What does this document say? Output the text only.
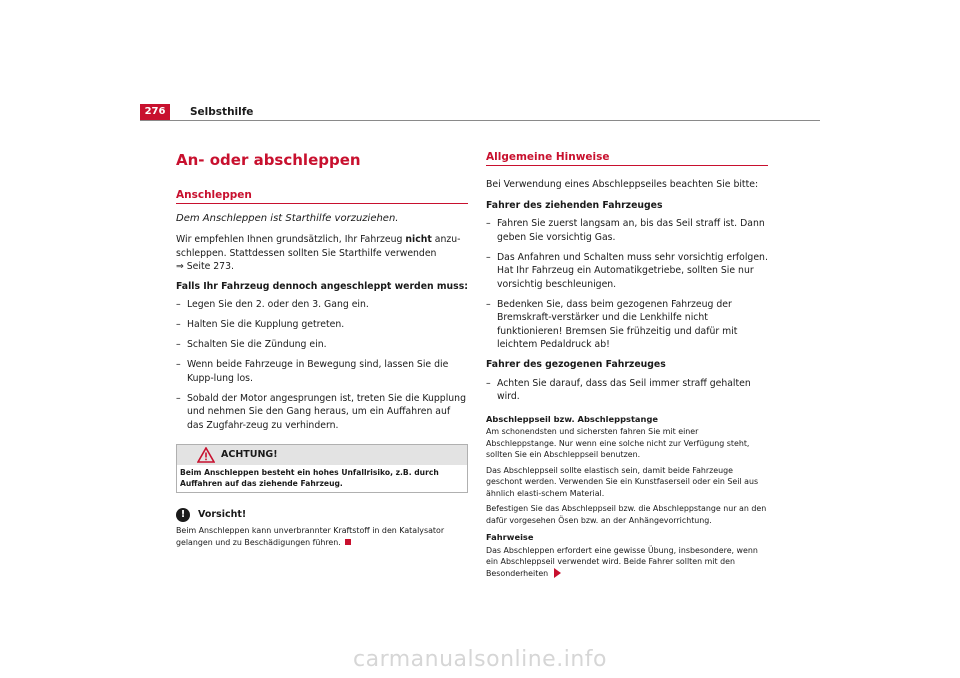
276	Selbsthilfe
An- oder abschleppen
Anschleppen
Dem Anschleppen ist Starthilfe vorzuziehen.

Wir empfehlen Ihnen grundsätzlich, Ihr Fahrzeug nicht anzu-schleppen. Stattdessen sollten Sie Starthilfe verwenden
⇒ Seite 273.

Falls Ihr Fahrzeug dennoch angeschleppt werden muss:

– Legen Sie den 2. oder den 3. Gang ein.
– Halten Sie die Kupplung getreten.
– Schalten Sie die Zündung ein.
– Wenn beide Fahrzeuge in Bewegung sind, lassen Sie die Kupp-lung los.
– Sobald der Motor angesprungen ist, treten Sie die Kupplung und nehmen Sie den Gang heraus, um ein Auffahren auf das Zugfahr-zeug zu verhindern.
ACHTUNG!
Beim Anschleppen besteht ein hohes Unfallrisiko, z.B. durch Auffahren auf das ziehende Fahrzeug.
!	Vorsicht!
Beim Anschleppen kann unverbrannter Kraftstoff in den Katalysator gelangen und zu Beschädigungen führen.
Allgemeine Hinweise

Bei Verwendung eines Abschleppseiles beachten Sie bitte:

Fahrer des ziehenden Fahrzeuges

– Fahren Sie zuerst langsam an, bis das Seil straff ist. Dann geben Sie vorsichtig Gas.
– Das Anfahren und Schalten muss sehr vorsichtig erfolgen. Hat Ihr Fahrzeug ein Automatikgetriebe, sollten Sie nur vorsichtig beschleunigen.
– Bedenken Sie, dass beim gezogenen Fahrzeug der Bremskraft-verstärker und die Lenkhilfe nicht funktionieren! Bremsen Sie frühzeitig und dafür mit leichtem Pedaldruck ab!

Fahrer des gezogenen Fahrzeuges

– Achten Sie darauf, dass das Seil immer straff gehalten wird.
Abschleppseil bzw. Abschleppstange

Am schonendsten und sichersten fahren Sie mit einer Abschleppstange. Nur wenn eine solche nicht zur Verfügung steht, sollten Sie ein Abschleppseil benutzen.

Das Abschleppseil sollte elastisch sein, damit beide Fahrzeuge geschont werden. Verwenden Sie ein Kunstfaserseil oder ein Seil aus ähnlich elasti-schem Material.

Befestigen Sie das Abschleppseil bzw. die Abschleppstange nur an den dafür vorgesehen Ösen bzw. an der Anhängevorrichtung.

Fahrweise

Das Abschleppen erfordert eine gewisse Übung, insbesondere, wenn ein Abschleppseil verwendet wird. Beide Fahrer sollten mit den Besonderheiten

carmanualsonline.info
